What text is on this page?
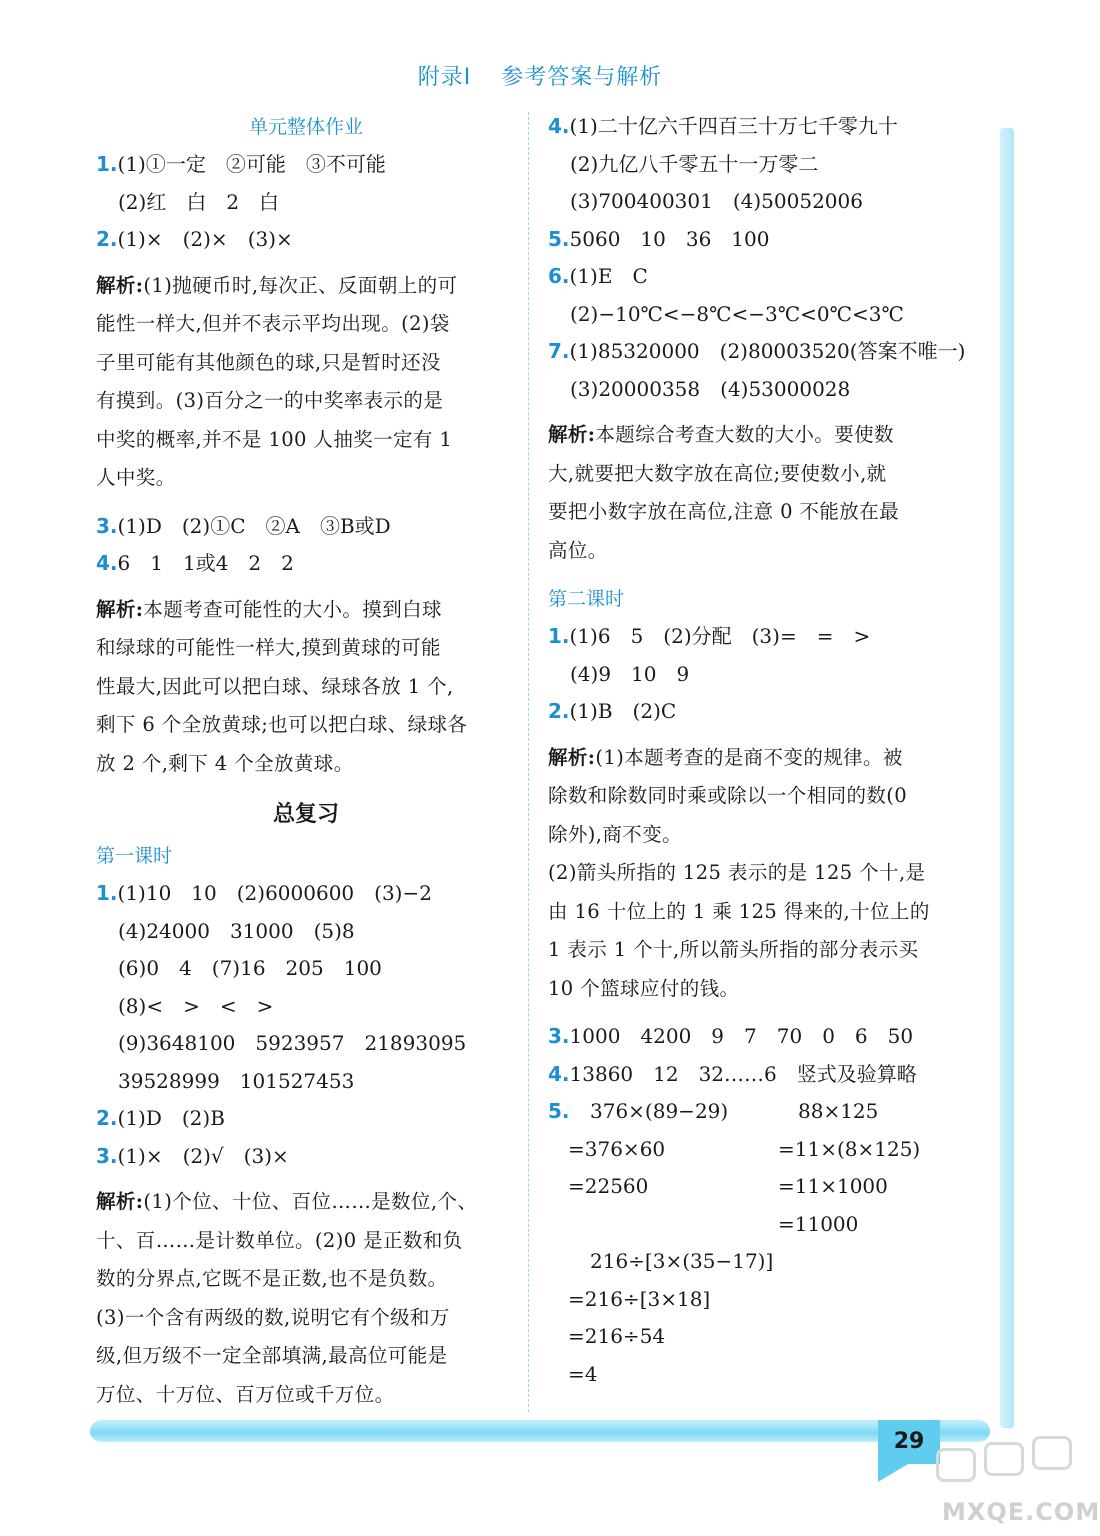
附录Ⅰ 参考答案与解析
单元整体作业
1.(1)①一定　②可能　③不可能
(2)红　白　2　白
2.(1)×　(2)×　(3)×
解析:(1)抛硬币时,每次正、反面朝上的可
能性一样大,但并不表示平均出现。(2)袋
子里可能有其他颜色的球,只是暂时还没
有摸到。(3)百分之一的中奖率表示的是
中奖的概率,并不是 100 人抽奖一定有 1
人中奖。
3.(1)D　(2)①C　②A　③B或D
4.6　1　1或4　2　2
解析:本题考查可能性的大小。摸到白球
和绿球的可能性一样大,摸到黄球的可能
性最大,因此可以把白球、绿球各放 1 个,
剩下 6 个全放黄球;也可以把白球、绿球各
放 2 个,剩下 4 个全放黄球。
总复习
第一课时
1.(1)10　10　(2)6000600　(3)−2
(4)24000　31000　(5)8
(6)0　4　(7)16　205　100
(8)<　>　<　>
(9)3648100　5923957　21893095
39528999　101527453
2.(1)D　(2)B
3.(1)×　(2)√　(3)×
解析:(1)个位、十位、百位……是数位,个、
十、百……是计数单位。(2)0 是正数和负
数的分界点,它既不是正数,也不是负数。
(3)一个含有两级的数,说明它有个级和万
级,但万级不一定全部填满,最高位可能是
万位、十万位、百万位或千万位。
4.(1)二十亿六千四百三十万七千零九十
(2)九亿八千零五十一万零二
(3)700400301　(4)50052006
5.5060　10　36　100
6.(1)E　C
(2)−10℃<−8℃<−3℃<0℃<3℃
7.(1)85320000　(2)80003520(答案不唯一)
(3)20000358　(4)53000028
解析:本题综合考查大数的大小。要使数
大,就要把大数字放在高位;要使数小,就
要把小数字放在高位,注意 0 不能放在最
高位。
第二课时
1.(1)6　5　(2)分配　(3)=　=　>
(4)9　10　9
2.(1)B　(2)C
解析:(1)本题考查的是商不变的规律。被
除数和除数同时乘或除以一个相同的数(0
除外),商不变。
(2)箭头所指的 125 表示的是 125 个十,是
由 16 十位上的 1 乘 125 得来的,十位上的
1 表示 1 个十,所以箭头所指的部分表示买
10 个篮球应付的钱。
3.1000　4200　9　7　70　0　6　50
4.13860　12　32……6　竖式及验算略
5. 376×(89−29)
=376×60
=22560
88×125
=11×(8×125)
=11×1000
=11000
216÷[3×(35−17)]
=216÷[3×18]
=216÷54
=4
29
MXQE.COM
